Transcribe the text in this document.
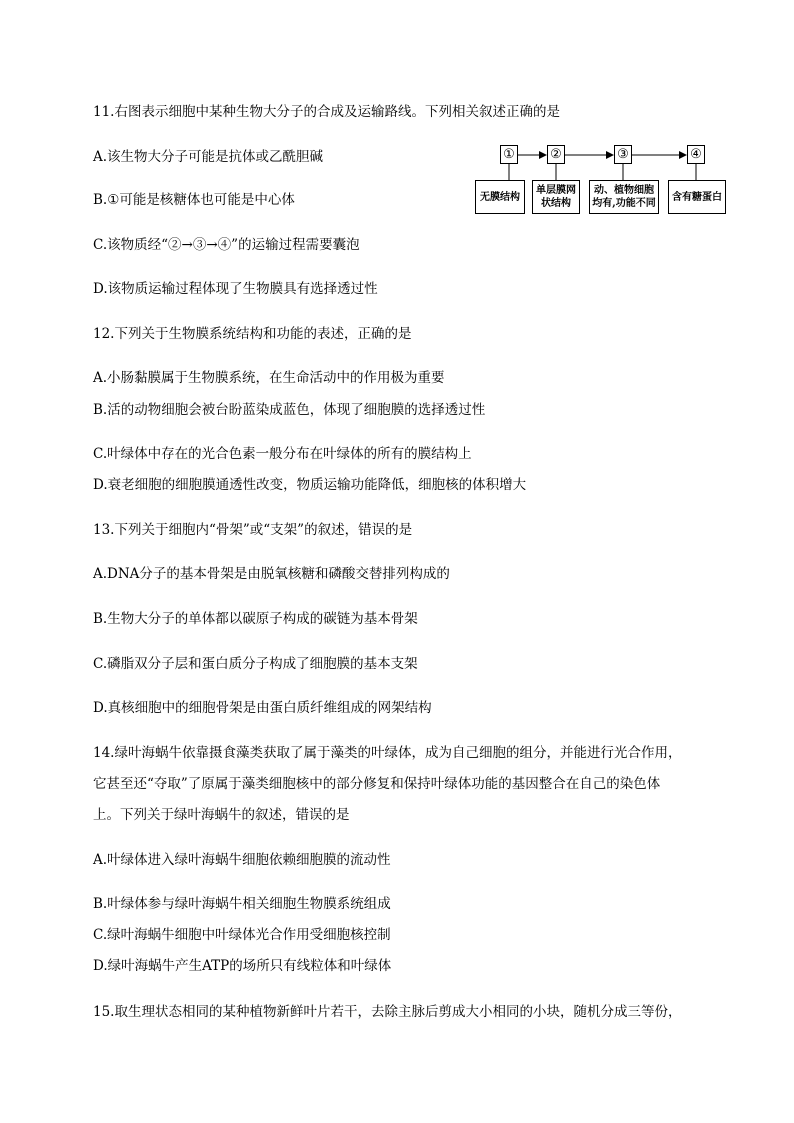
11.右图表示细胞中某种生物大分子的合成及运输路线。下列相关叙述正确的是
A.该生物大分子可能是抗体或乙酰胆碱
B.①可能是核糖体也可能是中心体
C.该物质经“②→③→④”的运输过程需要囊泡
D.该物质运输过程体现了生物膜具有选择透过性
①	②	③	④
无膜结构
单层膜网状结构
动、植物细胞均有,功能不同
含有糖蛋白
12.下列关于生物膜系统结构和功能的表述，正确的是
A.小肠黏膜属于生物膜系统，在生命活动中的作用极为重要
B.活的动物细胞会被台盼蓝染成蓝色，体现了细胞膜的选择透过性
C.叶绿体中存在的光合色素一般分布在叶绿体的所有的膜结构上
D.衰老细胞的细胞膜通透性改变，物质运输功能降低，细胞核的体积增大
13.下列关于细胞内“骨架”或“支架”的叙述，错误的是
A.DNA分子的基本骨架是由脱氧核糖和磷酸交替排列构成的
B.生物大分子的单体都以碳原子构成的碳链为基本骨架
C.磷脂双分子层和蛋白质分子构成了细胞膜的基本支架
D.真核细胞中的细胞骨架是由蛋白质纤维组成的网架结构
14.绿叶海蜗牛依靠摄食藻类获取了属于藻类的叶绿体，成为自己细胞的组分，并能进行光合作用，
它甚至还“夺取”了原属于藻类细胞核中的部分修复和保持叶绿体功能的基因整合在自己的染色体
上。下列关于绿叶海蜗牛的叙述，错误的是
A.叶绿体进入绿叶海蜗牛细胞依赖细胞膜的流动性
B.叶绿体参与绿叶海蜗牛相关细胞生物膜系统组成
C.绿叶海蜗牛细胞中叶绿体光合作用受细胞核控制
D.绿叶海蜗牛产生ATP的场所只有线粒体和叶绿体
15.取生理状态相同的某种植物新鲜叶片若干，去除主脉后剪成大小相同的小块，随机分成三等份，
